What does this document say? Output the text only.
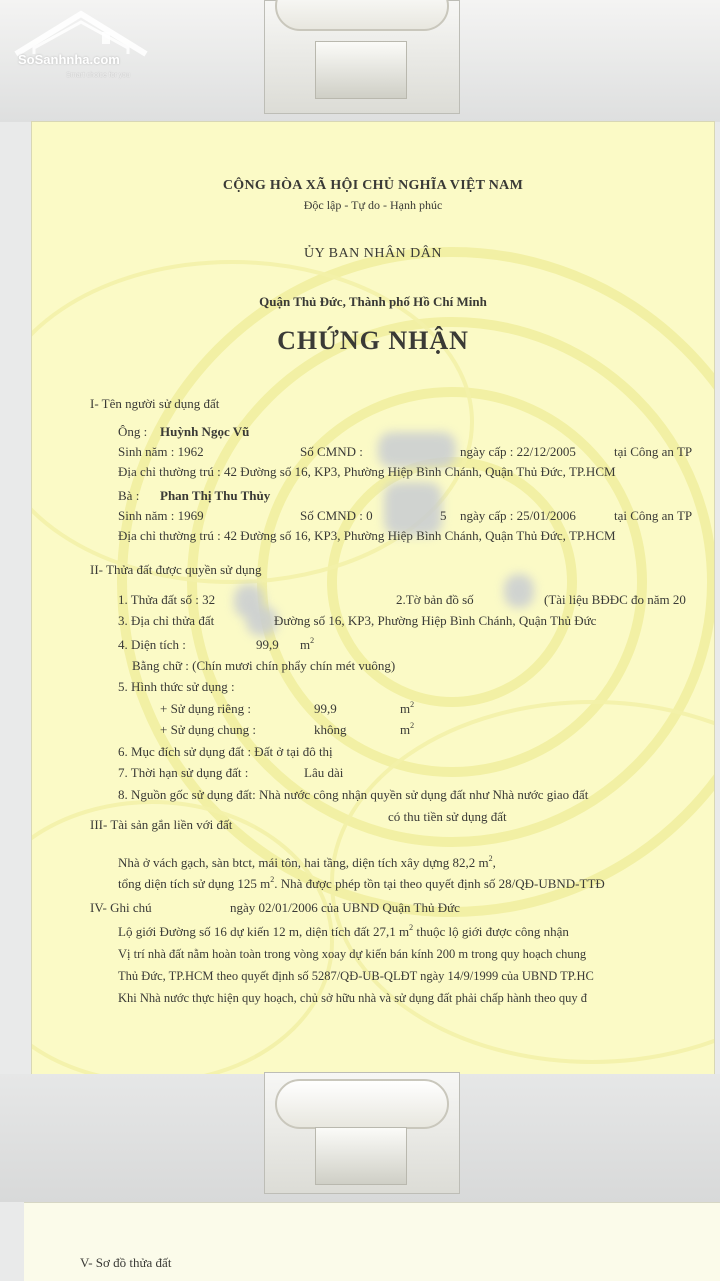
SoSanhnha.com
Smart choice for you
CỘNG HÒA XÃ HỘI CHỦ NGHĨA VIỆT NAM
Độc lập - Tự do - Hạnh phúc
ỦY BAN NHÂN DÂN
Quận Thủ Đức, Thành phố Hồ Chí Minh
CHỨNG NHẬN
I- Tên người sử dụng đất
Ông : Huỳnh Ngọc Vũ
Sinh năm : 1962	Số CMND :	ngày cấp : 22/12/2005	tại Công an TP
Địa chỉ thường trú : 42 Đường số 16, KP3, Phường Hiệp Bình Chánh, Quận Thủ Đức, TP.HCM
Bà : Phan Thị Thu Thủy
Sinh năm : 1969	Số CMND : 0	5 ngày cấp : 25/01/2006	tại Công an TP
Địa chỉ thường trú : 42 Đường số 16, KP3, Phường Hiệp Bình Chánh, Quận Thủ Đức, TP.HCM
II- Thửa đất được quyền sử dụng
1. Thửa đất số : 32	2.Tờ bản đồ số	(Tài liệu BĐĐC đo năm 20
3. Địa chỉ thửa đất	Đường số 16, KP3, Phường Hiệp Bình Chánh, Quận Thủ Đức
4. Diện tích :	99,9 $m^2$
Bằng chữ : (Chín mươi chín phẩy chín mét vuông)
5. Hình thức sử dụng :
+ Sử dụng riêng :	99,9	$m^2$
+ Sử dụng chung :	không	$m^2$
6. Mục đích sử dụng đất : Đất ở tại đô thị
7. Thời hạn sử dụng đất :	Lâu dài
8. Nguồn gốc sử dụng đất: Nhà nước công nhận quyền sử dụng đất như Nhà nước giao đất
có thu tiền sử dụng đất
III- Tài sản gắn liền với đất
Nhà ở vách gạch, sàn btct, mái tôn, hai tầng, diện tích xây dựng 82,2 $m^2$,
tổng diện tích sử dụng 125 $m^2$. Nhà được phép tồn tại theo quyết định số 28/QĐ-UBND-TTĐ
IV- Ghi chú	ngày 02/01/2006 của UBND Quận Thủ Đức
Lộ giới Đường số 16 dự kiến 12 m, diện tích đất 27,1 $m^2$ thuộc lộ giới được công nhận
Vị trí nhà đất nằm hoàn toàn trong vòng xoay dự kiến bán kính 200 m trong quy hoạch chung
Thủ Đức, TP.HCM theo quyết định số 5287/QĐ-UB-QLĐT ngày 14/9/1999 của UBND TP.HC
Khi Nhà nước thực hiện quy hoạch, chủ sở hữu nhà và sử dụng đất phải chấp hành theo quy đ
V- Sơ đồ thửa đất
